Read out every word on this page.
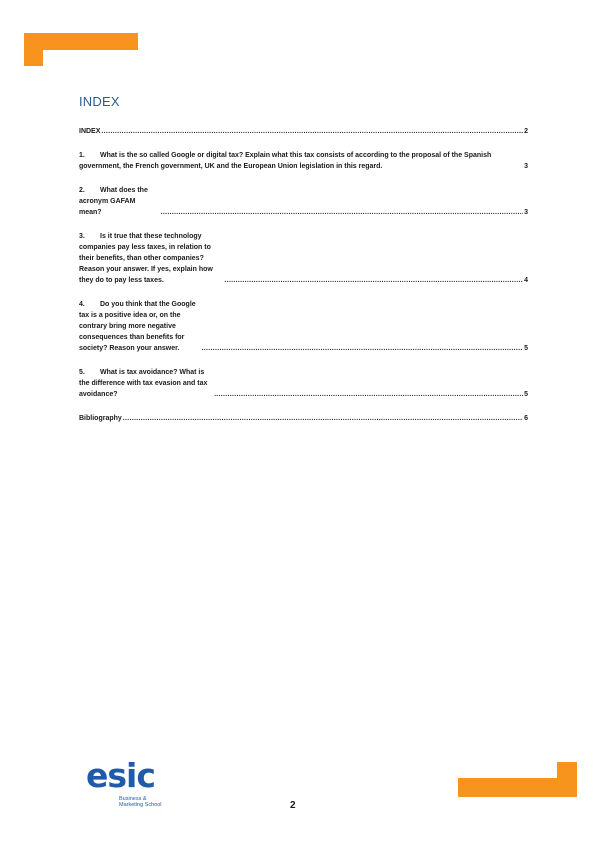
INDEX
INDEX .....	2
1. What is the so called Google or digital tax? Explain what this tax consists of according to the proposal of the Spanish government, the French government, UK and the European Union legislation in this regard.	3
2. What does the acronym GAFAM mean? .....	3
3. Is it true that these technology companies pay less taxes, in relation to their benefits, than other companies? Reason your answer. If yes, explain how they do to pay less taxes. .....	4
4. Do you think that the Google tax is a positive idea or, on the contrary bring more negative consequences than benefits for society? Reason your answer. .....	5
5. What is tax avoidance? What is the difference with tax evasion and tax avoidance? .....	5
Bibliography .....	6
esic
Business &
Marketing School	2
